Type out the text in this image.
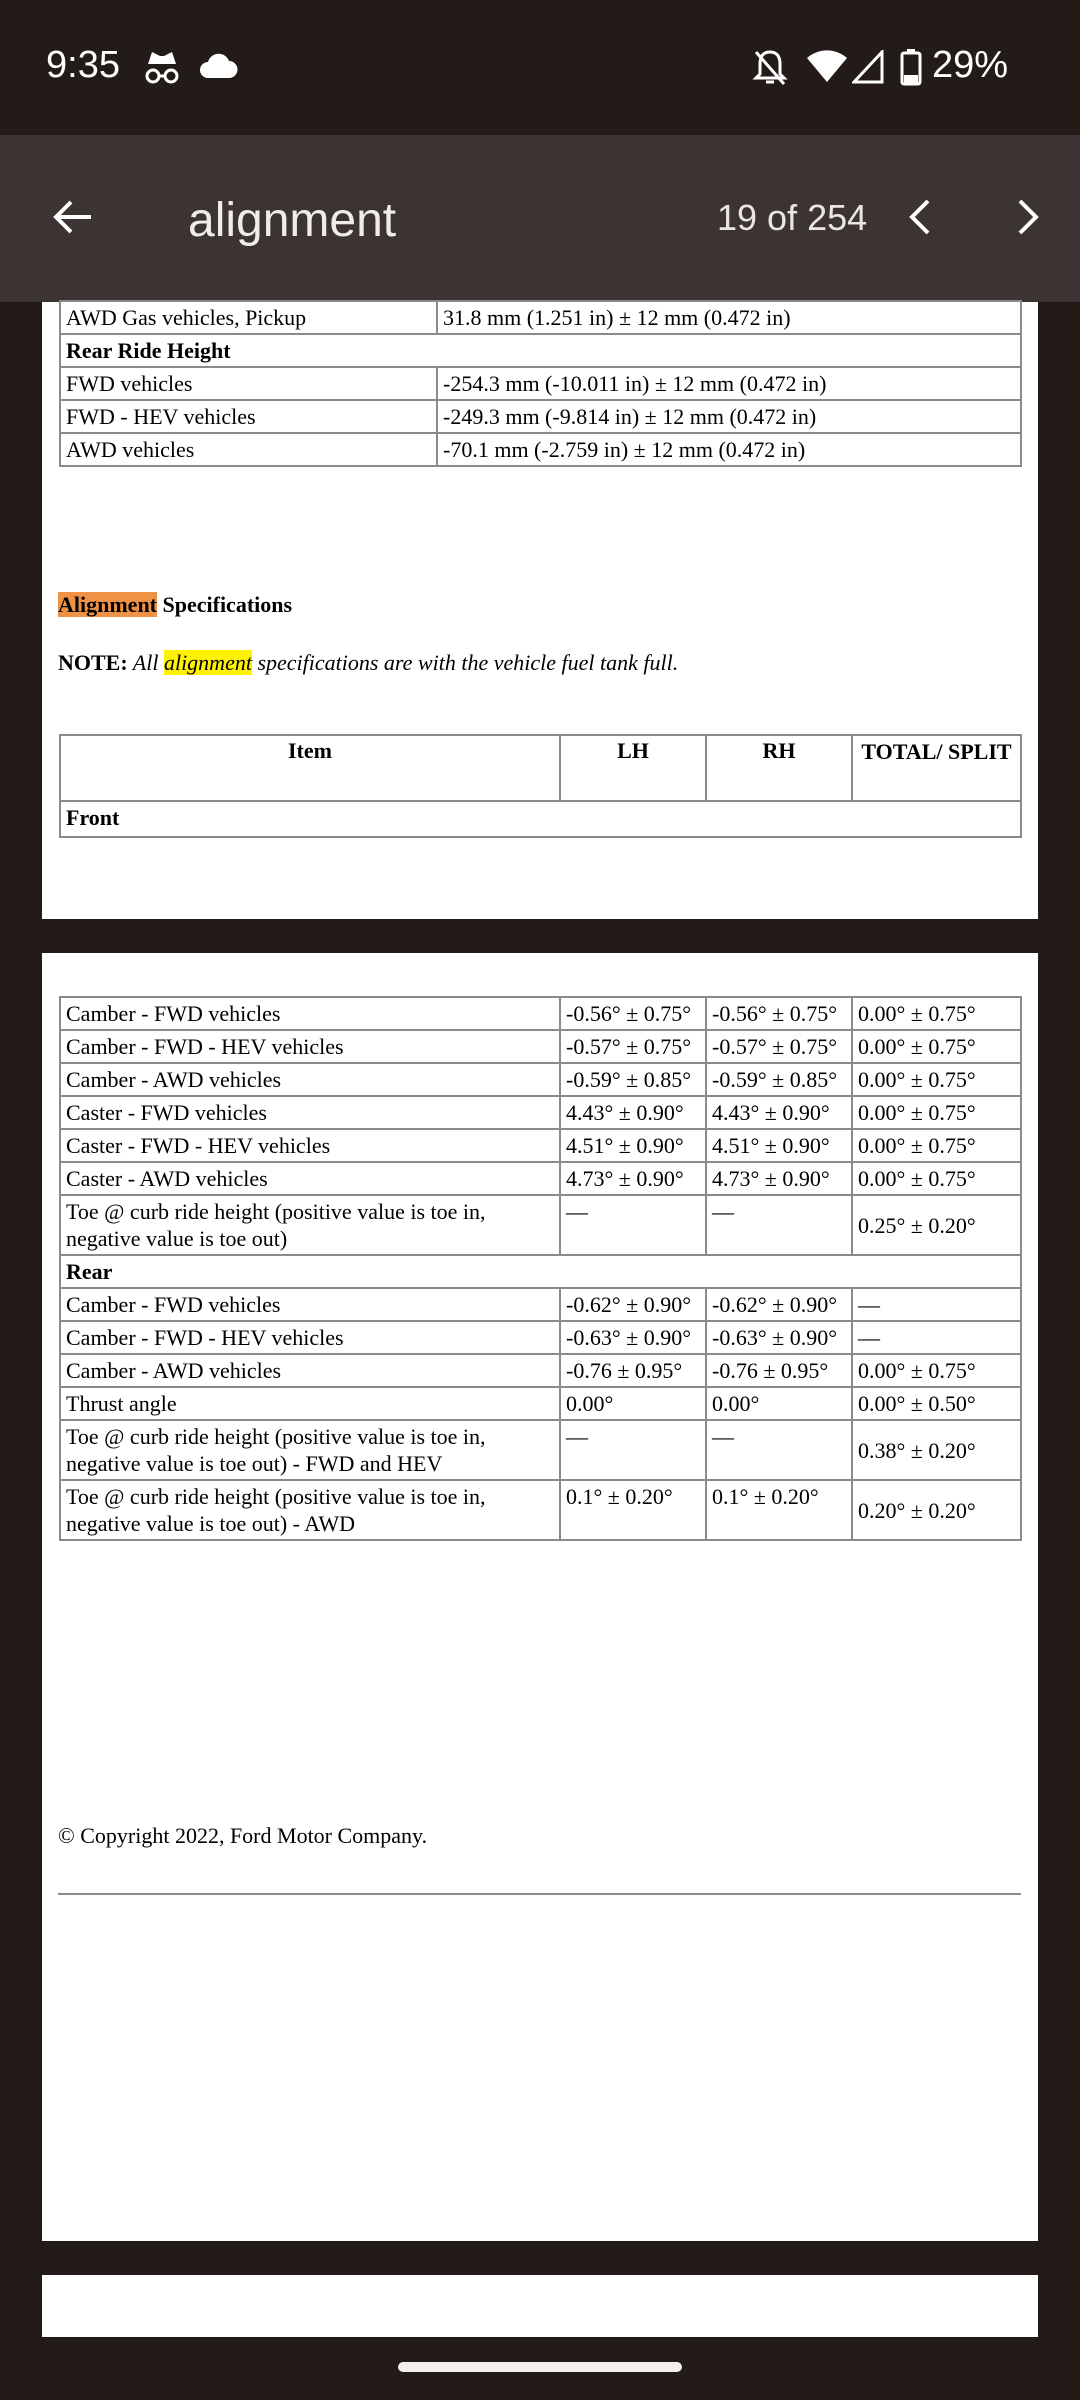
9:35	29%
alignment	19 of 254
AWD Gas vehicles, Pickup	31.8 mm (1.251 in) ± 12 mm (0.472 in)
Rear Ride Height	
FWD vehicles	-254.3 mm (-10.011 in) ± 12 mm (0.472 in)
FWD - HEV vehicles	-249.3 mm (-9.814 in) ± 12 mm (0.472 in)
AWD vehicles	-70.1 mm (-2.759 in) ± 12 mm (0.472 in)
Alignment Specifications
NOTE: All alignment specifications are with the vehicle fuel tank full.
Item	LH	RH	TOTAL/ SPLIT
Front
Camber - FWD vehicles	-0.56° ± 0.75°	-0.56° ± 0.75°	0.00° ± 0.75°
Camber - FWD - HEV vehicles	-0.57° ± 0.75°	-0.57° ± 0.75°	0.00° ± 0.75°
Camber - AWD vehicles	-0.59° ± 0.85°	-0.59° ± 0.85°	0.00° ± 0.75°
Caster - FWD vehicles	4.43° ± 0.90°	4.43° ± 0.90°	0.00° ± 0.75°
Caster - FWD - HEV vehicles	4.51° ± 0.90°	4.51° ± 0.90°	0.00° ± 0.75°
Caster - AWD vehicles	4.73° ± 0.90°	4.73° ± 0.90°	0.00° ± 0.75°
Toe @ curb ride height (positive value is toe in, negative value is toe out)	—	—	0.25° ± 0.20°
Rear			
Camber - FWD vehicles	-0.62° ± 0.90°	-0.62° ± 0.90°	—
Camber - FWD - HEV vehicles	-0.63° ± 0.90°	-0.63° ± 0.90°	—
Camber - AWD vehicles	-0.76 ± 0.95°	-0.76 ± 0.95°	0.00° ± 0.75°
Thrust angle	0.00°	0.00°	0.00° ± 0.50°
Toe @ curb ride height (positive value is toe in, negative value is toe out) - FWD and HEV	—	—	0.38° ± 0.20°
Toe @ curb ride height (positive value is toe in, negative value is toe out) - AWD	0.1° ± 0.20°	0.1° ± 0.20°	0.20° ± 0.20°
© Copyright 2022, Ford Motor Company.
